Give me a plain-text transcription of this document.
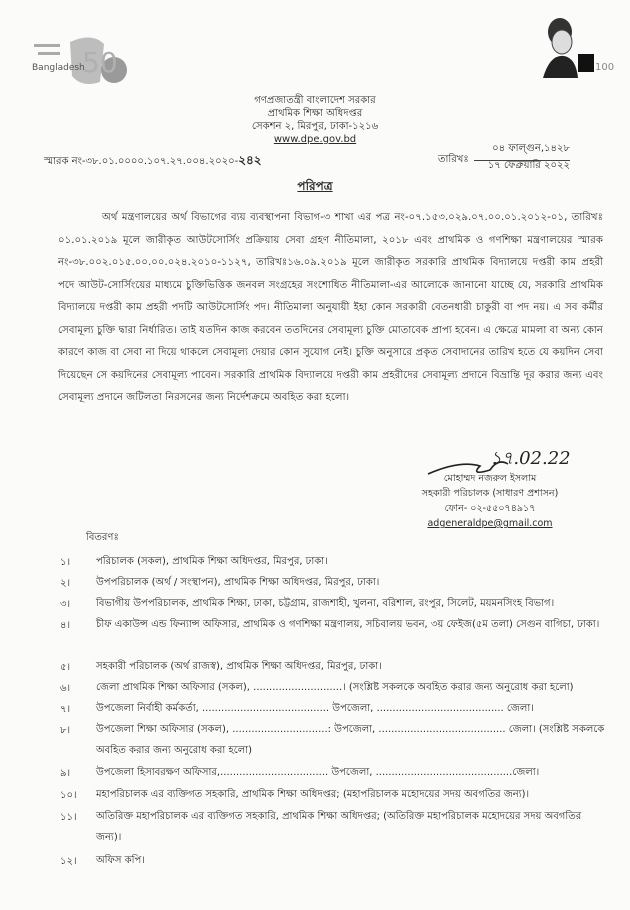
50
Bangladesh	100
গণপ্রজাতন্ত্রী বাংলাদেশ সরকার
প্রাথমিক শিক্ষা অধিদপ্তর
সেকশন ২, মিরপুর, ঢাকা-১২১৬
www.dpe.gov.bd
স্মারক নং-৩৮.০১.০০০০.১০৭.২৭.০০৪.২০২০-২৪২	তারিখঃ
০৪ ফাল্গুন,১৪২৮
১৭ ফেব্রুয়ারি ২০২২
পরিপত্র
অর্থ মন্ত্রণালয়ের অর্থ বিভাগের ব্যয় ব্যবস্থাপনা বিভাগ-৩ শাখা এর পত্র নং-০৭.১৫৩.০২৯.০৭.০০.০১.২০১২-০১, তারিখঃ ০১.০১.২০১৯ মূলে জারীকৃত আউটসোর্সিং প্রক্রিয়ায় সেবা গ্রহণ নীতিমালা, ২০১৮ এবং প্রাথমিক ও গণশিক্ষা মন্ত্রণালয়ের স্মারক নং-৩৮.০০২.০১৫.০০.০০.০২৪.২০১০-১১২৭, তারিখঃ১৬.০৯.২০১৯ মূলে জারীকৃত সরকারি প্রাথমিক বিদ্যালয়ে দপ্তরী কাম প্রহরী পদে আউট-সোর্সিংয়ের মাধ্যমে চুক্তিভিত্তিক জনবল সংগ্রহের সংশোধিত নীতিমালা-এর আলোকে জানানো যাচ্ছে যে, সরকারি প্রাথমিক বিদ্যালয়ে দপ্তরী কাম প্রহরী পদটি আউটসোর্সিং পদ। নীতিমালা অনুযায়ী ইহা কোন সরকারী বেতনধারী চাকুরী বা পদ নয়। এ সব কর্মীর সেবামূল্য চুক্তি দ্বারা নির্ধারিত। তাই যতদিন কাজ করবেন ততদিনের সেবামূল্য চুক্তি মোতাবেক প্রাপ্য হবেন। এ ক্ষেত্রে মামলা বা অন্য কোন কারণে কাজ বা সেবা না দিয়ে থাকলে সেবামূল্য দেয়ার কোন সুযোগ নেই। চুক্তি অনুসারে প্রকৃত সেবাদানের তারিখ হতে যে কয়দিন সেবা দিয়েছেন সে কয়দিনের সেবামূল্য পাবেন। সরকারি প্রাথমিক বিদ্যালয়ে দপ্তরী কাম প্রহরীদের সেবামূল্য প্রদানে বিভ্রান্তি দূর করার জন্য এবং সেবামূল্য প্রদানে জটিলতা নিরসনের জন্য নির্দেশক্রমে অবহিত করা হলো।
১৭.02.22
মোহাম্মদ নজরুল ইসলাম
সহকারী পরিচালক (সাধারণ প্রশাসন)
ফোন- ০২-৫৫০৭৪৯১৭
adgeneraldpe@gmail.com
বিতরণঃ
১।	পরিচালক (সকল), প্রাথমিক শিক্ষা অধিদপ্তর, মিরপুর, ঢাকা।
২।	উপপরিচালক (অর্থ / সংস্থাপন), প্রাথমিক শিক্ষা অধিদপ্তর, মিরপুর, ঢাকা।
৩।	বিভাগীয় উপপরিচালক, প্রাথমিক শিক্ষা, ঢাকা, চট্টগ্রাম, রাজশাহী, খুলনা, বরিশাল, রংপুর, সিলেট, ময়মনসিংহ বিভাগ।
৪।	চীফ একাউন্স এন্ড ফিন্যান্স অফিসার, প্রাথমিক ও গণশিক্ষা মন্ত্রণালয়, সচিবালয় ভবন, ৩য় ফেইজ(৫ম তলা) সেগুন বাগিচা, ঢাকা।
৫।	সহকারী পরিচালক (অর্থ রাজস্ব), প্রাথমিক শিক্ষা অধিদপ্তর, মিরপুর, ঢাকা।
৬।	জেলা প্রাথমিক শিক্ষা অফিসার (সকল), ............................। (সংশ্লিষ্ট সকলকে অবহিত করার জন্য অনুরোধ করা হলো)
৭।	উপজেলা নির্বাহী কর্মকর্তা, ........................................ উপজেলা, ........................................ জেলা।
৮।	উপজেলা শিক্ষা অফিসার (সকল), ..............................: উপজেলা, ........................................ জেলা। (সংশ্লিষ্ট সকলকে অবহিত করার জন্য অনুরোধ করা হলো)
৯।	উপজেলা হিসাবরক্ষণ অফিসার,.................................. উপজেলা, ...........................................জেলা।
১০। মহাপরিচালক এর ব্যক্তিগত সহকারি, প্রাথমিক শিক্ষা অধিদপ্তর; (মহাপরিচালক মহোদয়ের সদয় অবগতির জন্য)।
১১। অতিরিক্ত মহাপরিচালক এর ব্যক্তিগত সহকারি, প্রাথমিক শিক্ষা অধিদপ্তর; (অতিরিক্ত মহাপরিচালক মহোদয়ের সদয় অবগতির জন্য)।
১২। অফিস কপি।
